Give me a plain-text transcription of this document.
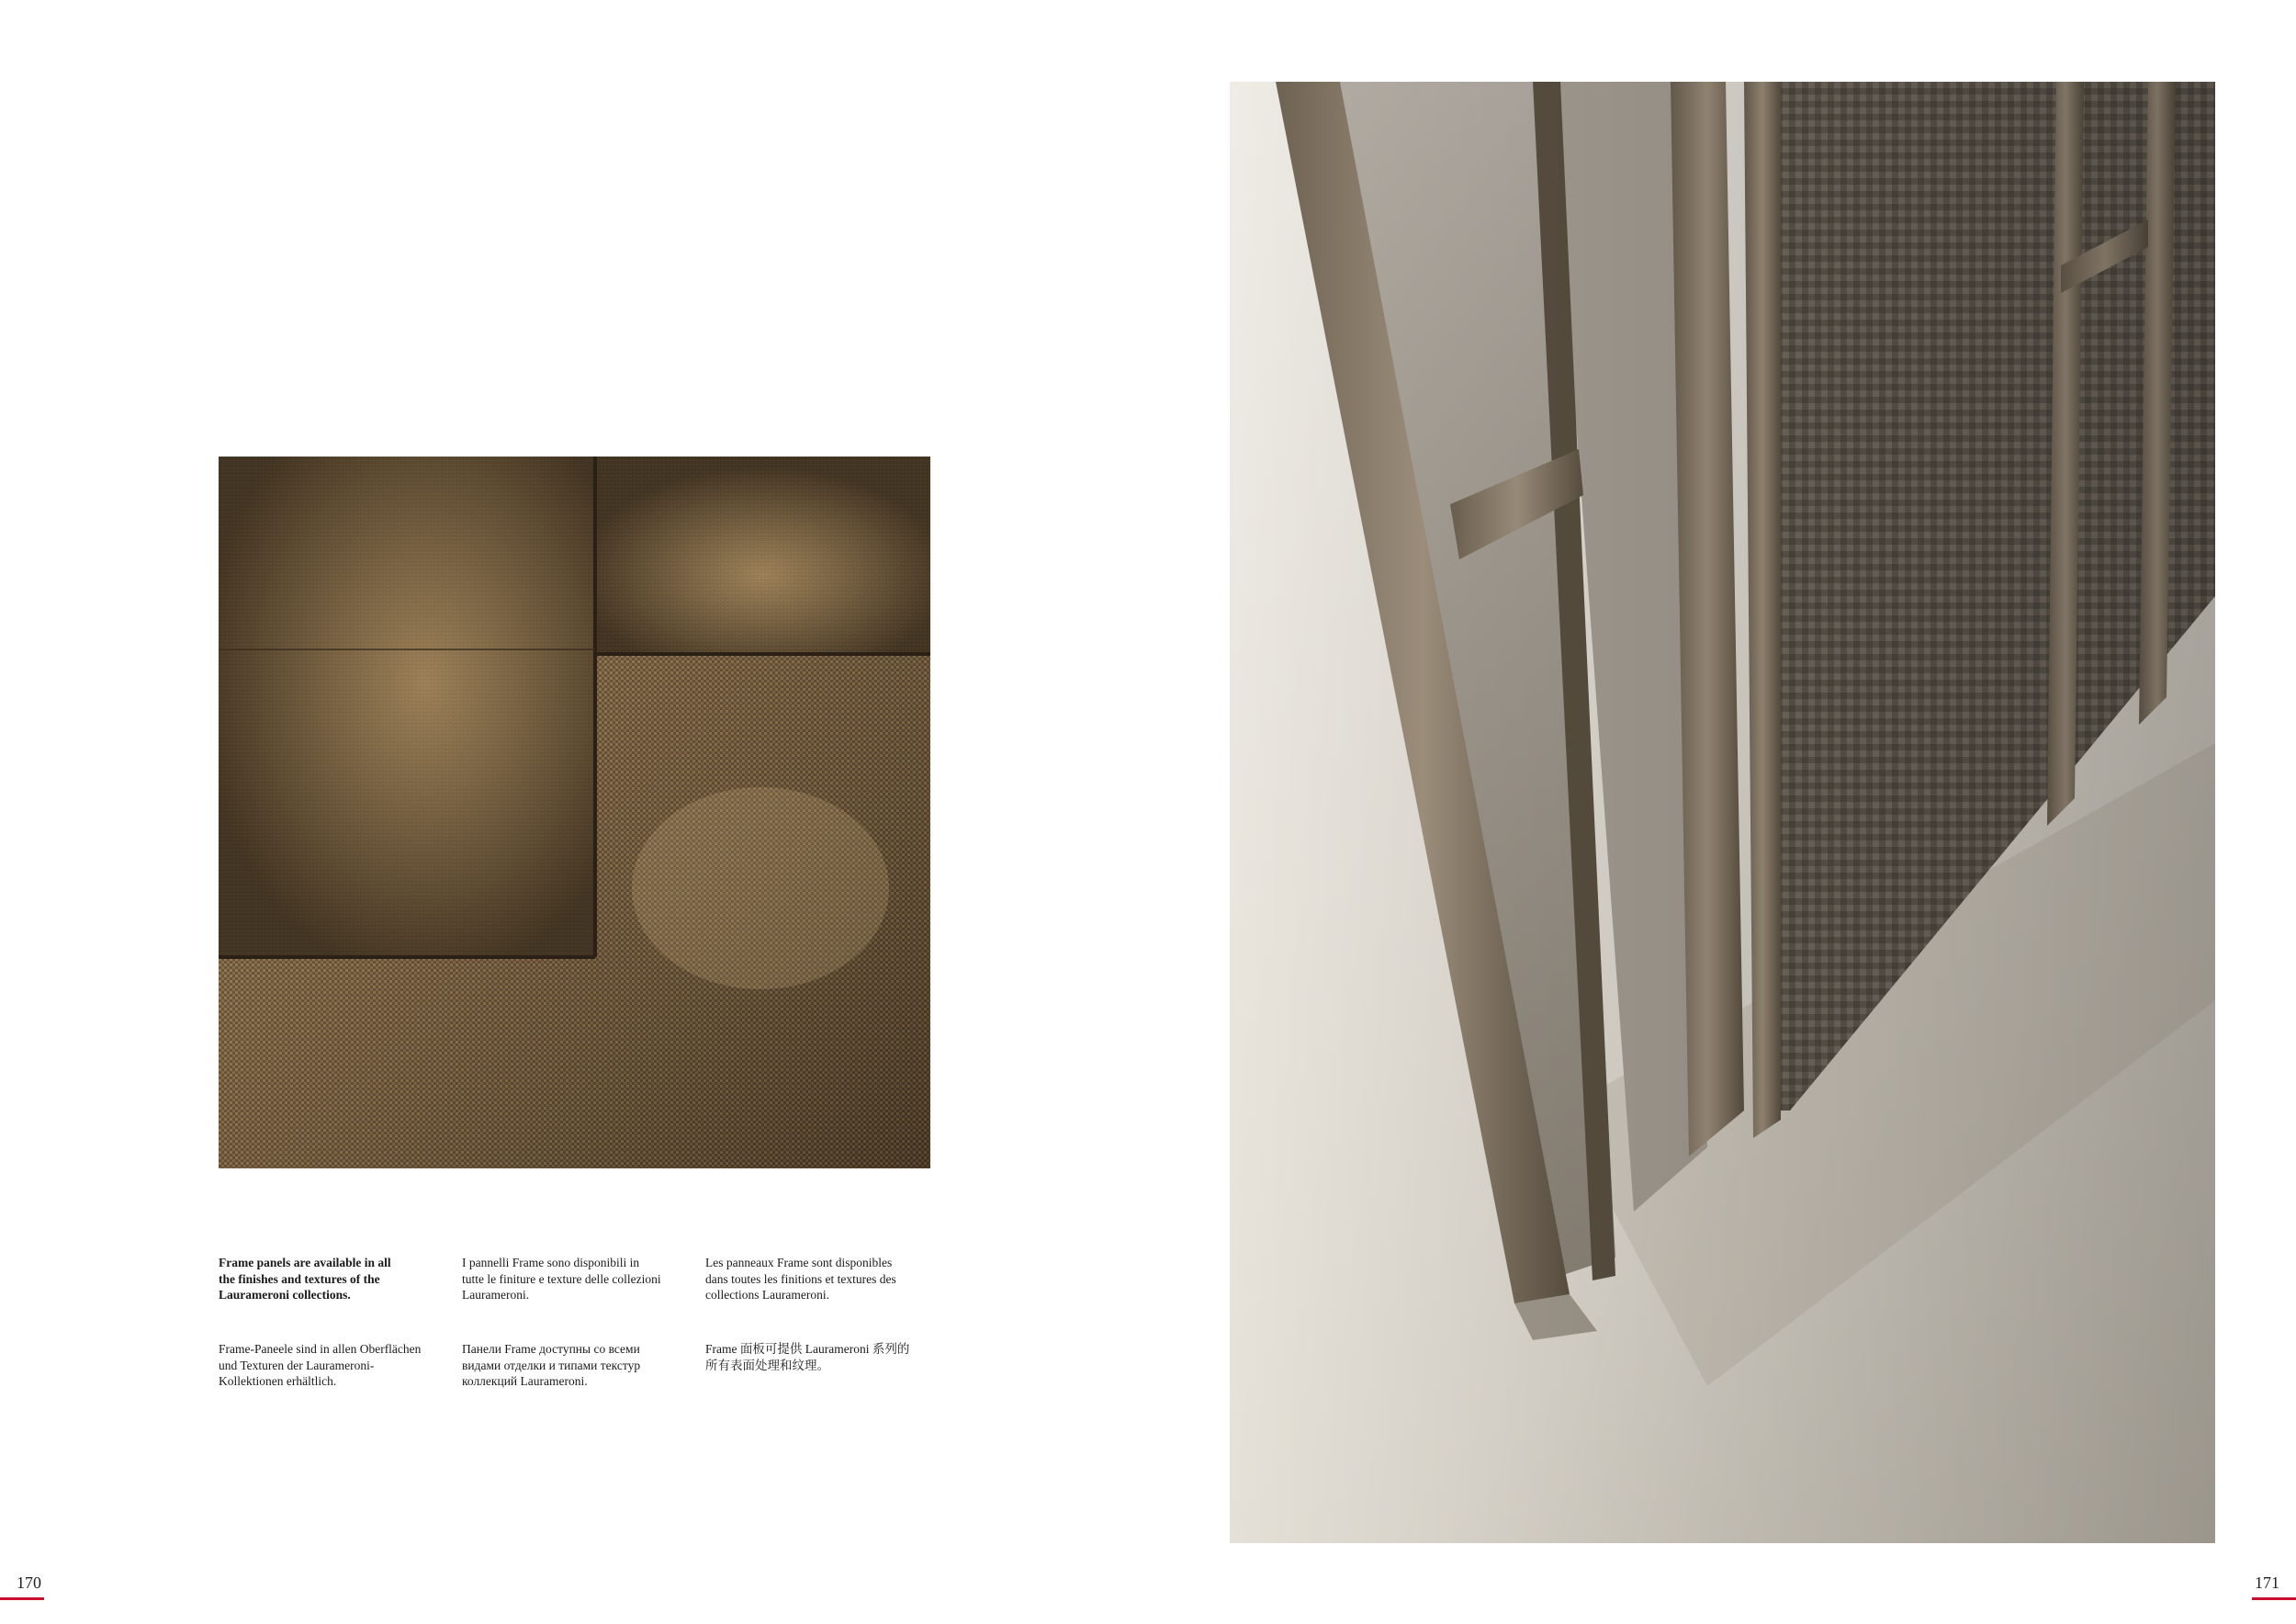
Frame panels are available in all
the finishes and textures of the
Laurameroni collections.
I pannelli Frame sono disponibili in
tutte le finiture e texture delle collezioni
Laurameroni.
Les panneaux Frame sont disponibles
dans toutes les finitions et textures des
collections Laurameroni.
Frame-Paneele sind in allen Oberflächen
und Texturen der Laurameroni-
Kollektionen erhältlich.
Панели Frame доступны со всеми
видами отделки и типами текстур
коллекций Laurameroni.
Frame 面板可提供 Laurameroni 系列的
所有表面处理和纹理。
170	171
